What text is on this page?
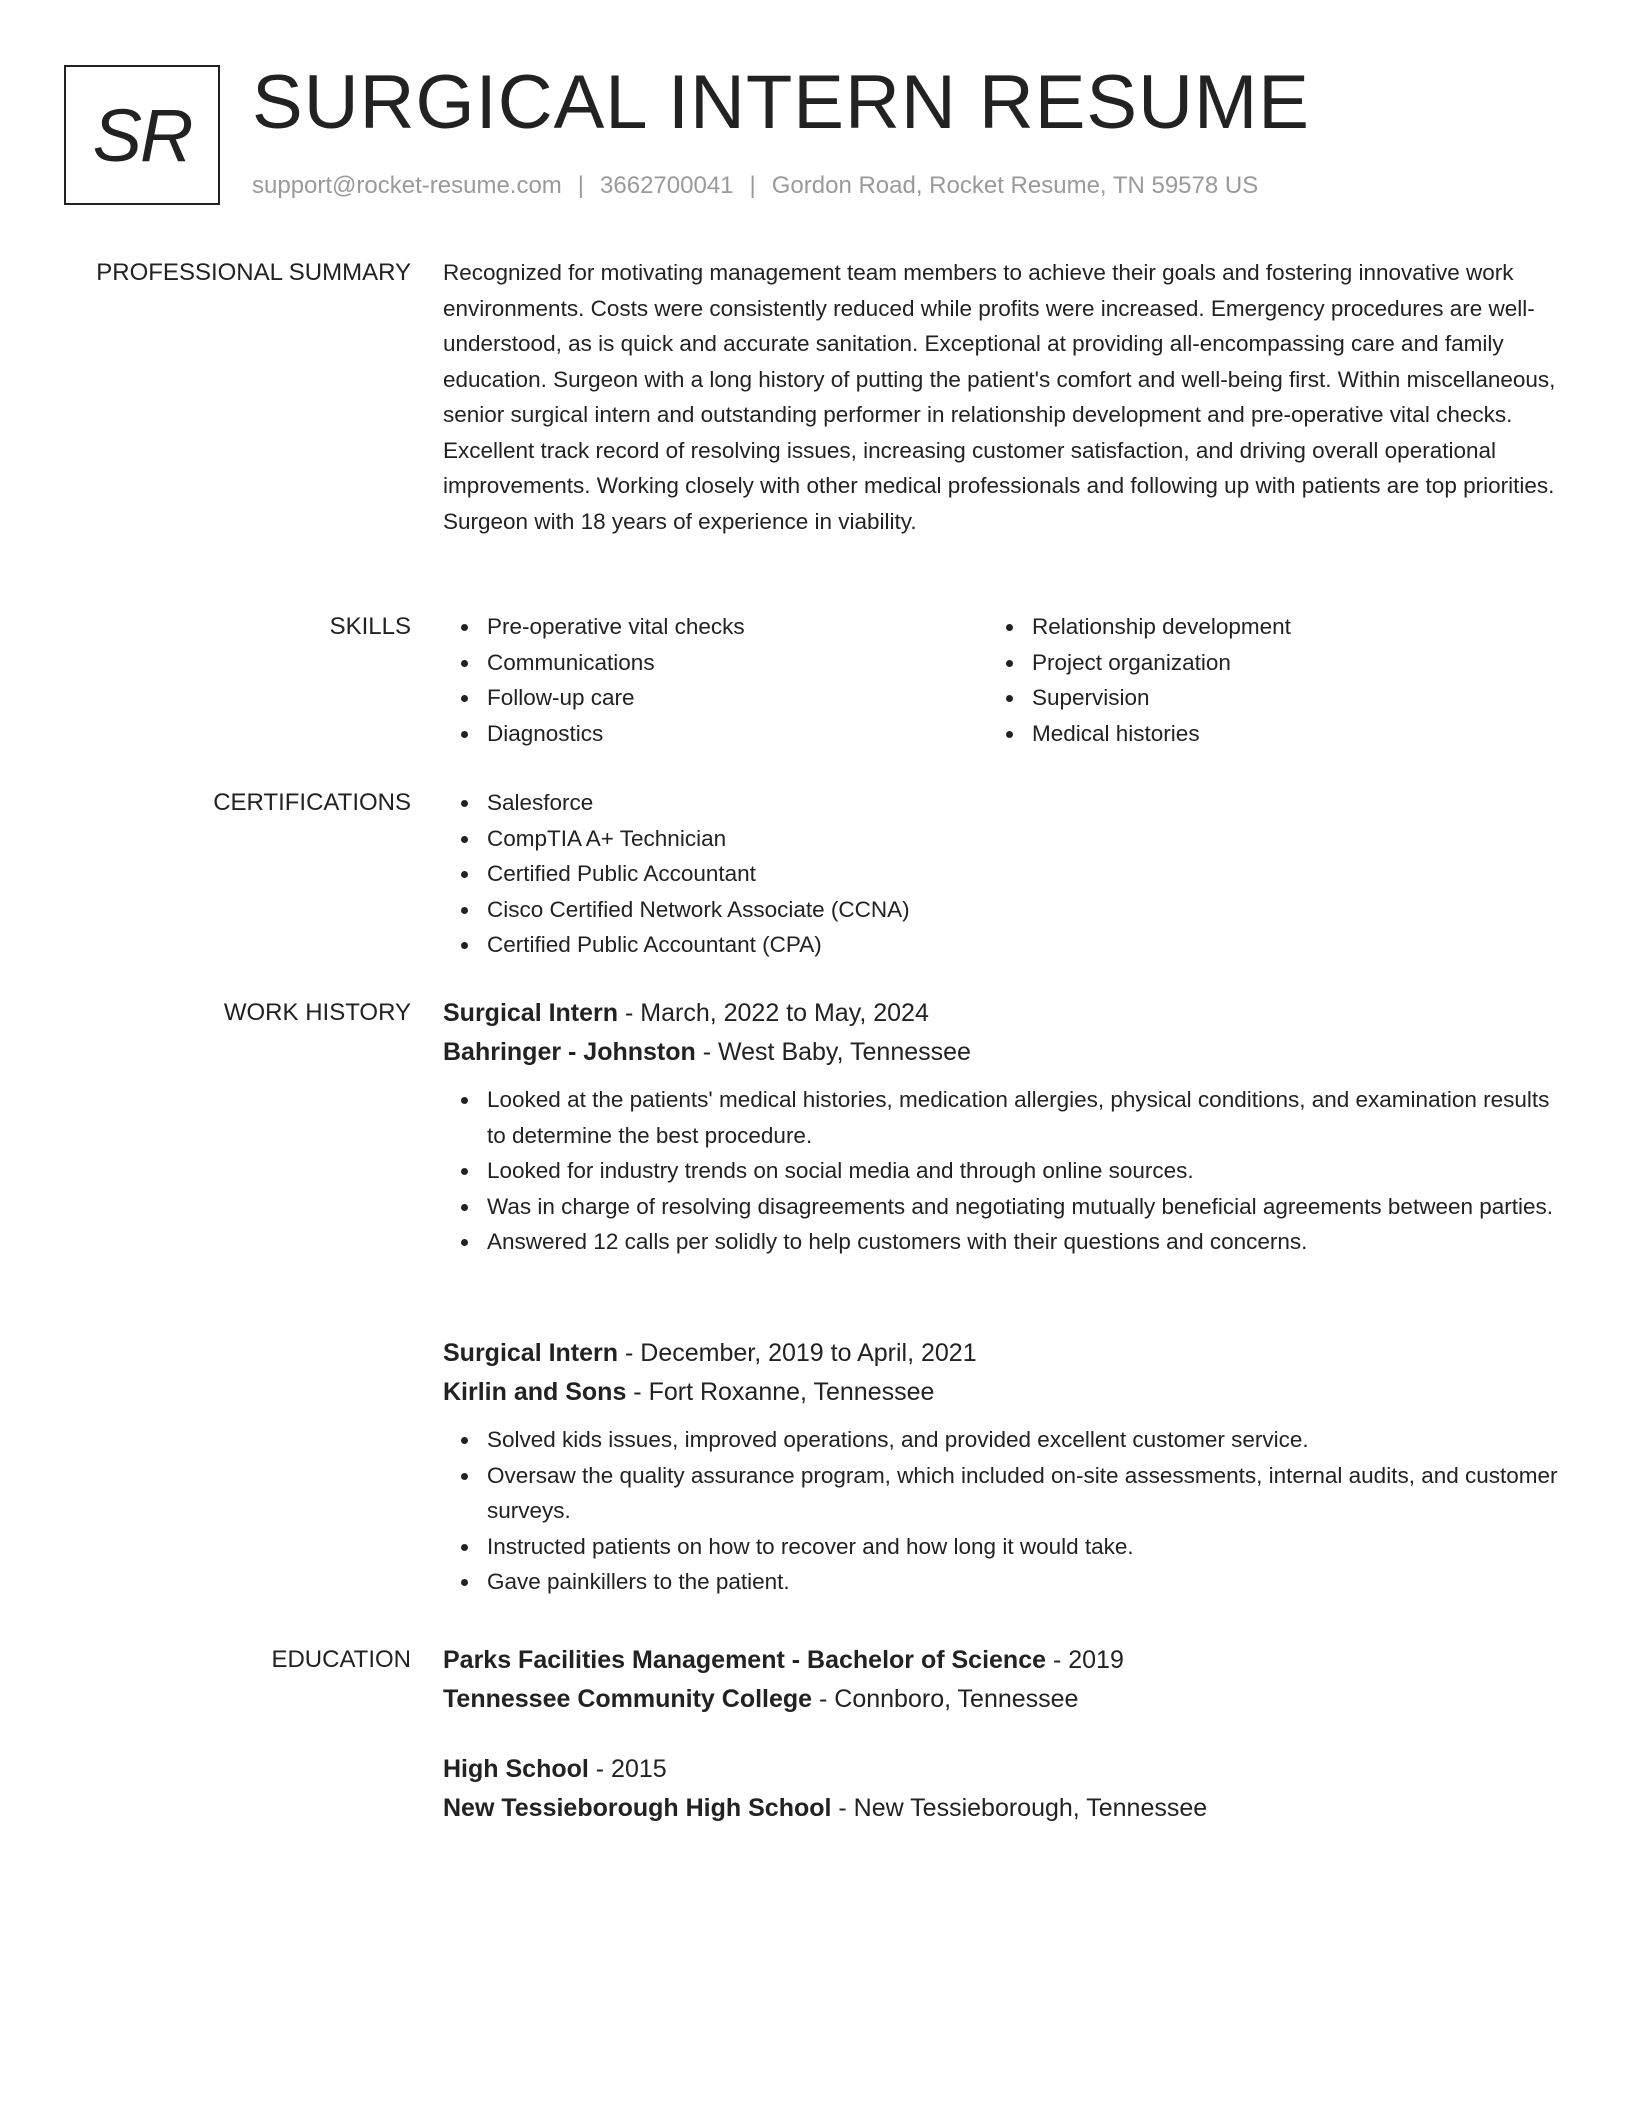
SR SURGICAL INTERN RESUME
support@rocket-resume.com | 3662700041 | Gordon Road, Rocket Resume, TN 59578 US
PROFESSIONAL SUMMARY Recognized for motivating management team members to achieve their goals and fostering innovative work environments. Costs were consistently reduced while profits were increased. Emergency procedures are well-understood, as is quick and accurate sanitation. Exceptional at providing all-encompassing care and family education. Surgeon with a long history of putting the patient's comfort and well-being first. Within miscellaneous, senior surgical intern and outstanding performer in relationship development and pre-operative vital checks. Excellent track record of resolving issues, increasing customer satisfaction, and driving overall operational improvements. Working closely with other medical professionals and following up with patients are top priorities. Surgeon with 18 years of experience in viability.

SKILLS	Pre-operative vital checks
Communications
Follow-up care
Diagnostics
Relationship development
Project organization
Supervision
Medical histories
CERTIFICATIONS	Salesforce
CompTIA A+ Technician
Certified Public Accountant
Cisco Certified Network Associate (CCNA)
Certified Public Accountant (CPA)
WORK HISTORY Surgical Intern - March, 2022 to May, 2024
Bahringer - Johnston - West Baby, Tennessee
Looked at the patients' medical histories, medication allergies, physical conditions, and examination results to determine the best procedure.
Looked for industry trends on social media and through online sources.
Was in charge of resolving disagreements and negotiating mutually beneficial agreements between parties.
Answered 12 calls per solidly to help customers with their questions and concerns.
Surgical Intern - December, 2019 to April, 2021
Kirlin and Sons - Fort Roxanne, Tennessee
Solved kids issues, improved operations, and provided excellent customer service.
Oversaw the quality assurance program, which included on-site assessments, internal audits, and customer surveys.
Instructed patients on how to recover and how long it would take.
Gave painkillers to the patient.
EDUCATION Parks Facilities Management - Bachelor of Science - 2019
Tennessee Community College - Connboro, Tennessee
High School - 2015
New Tessieborough High School - New Tessieborough, Tennessee
